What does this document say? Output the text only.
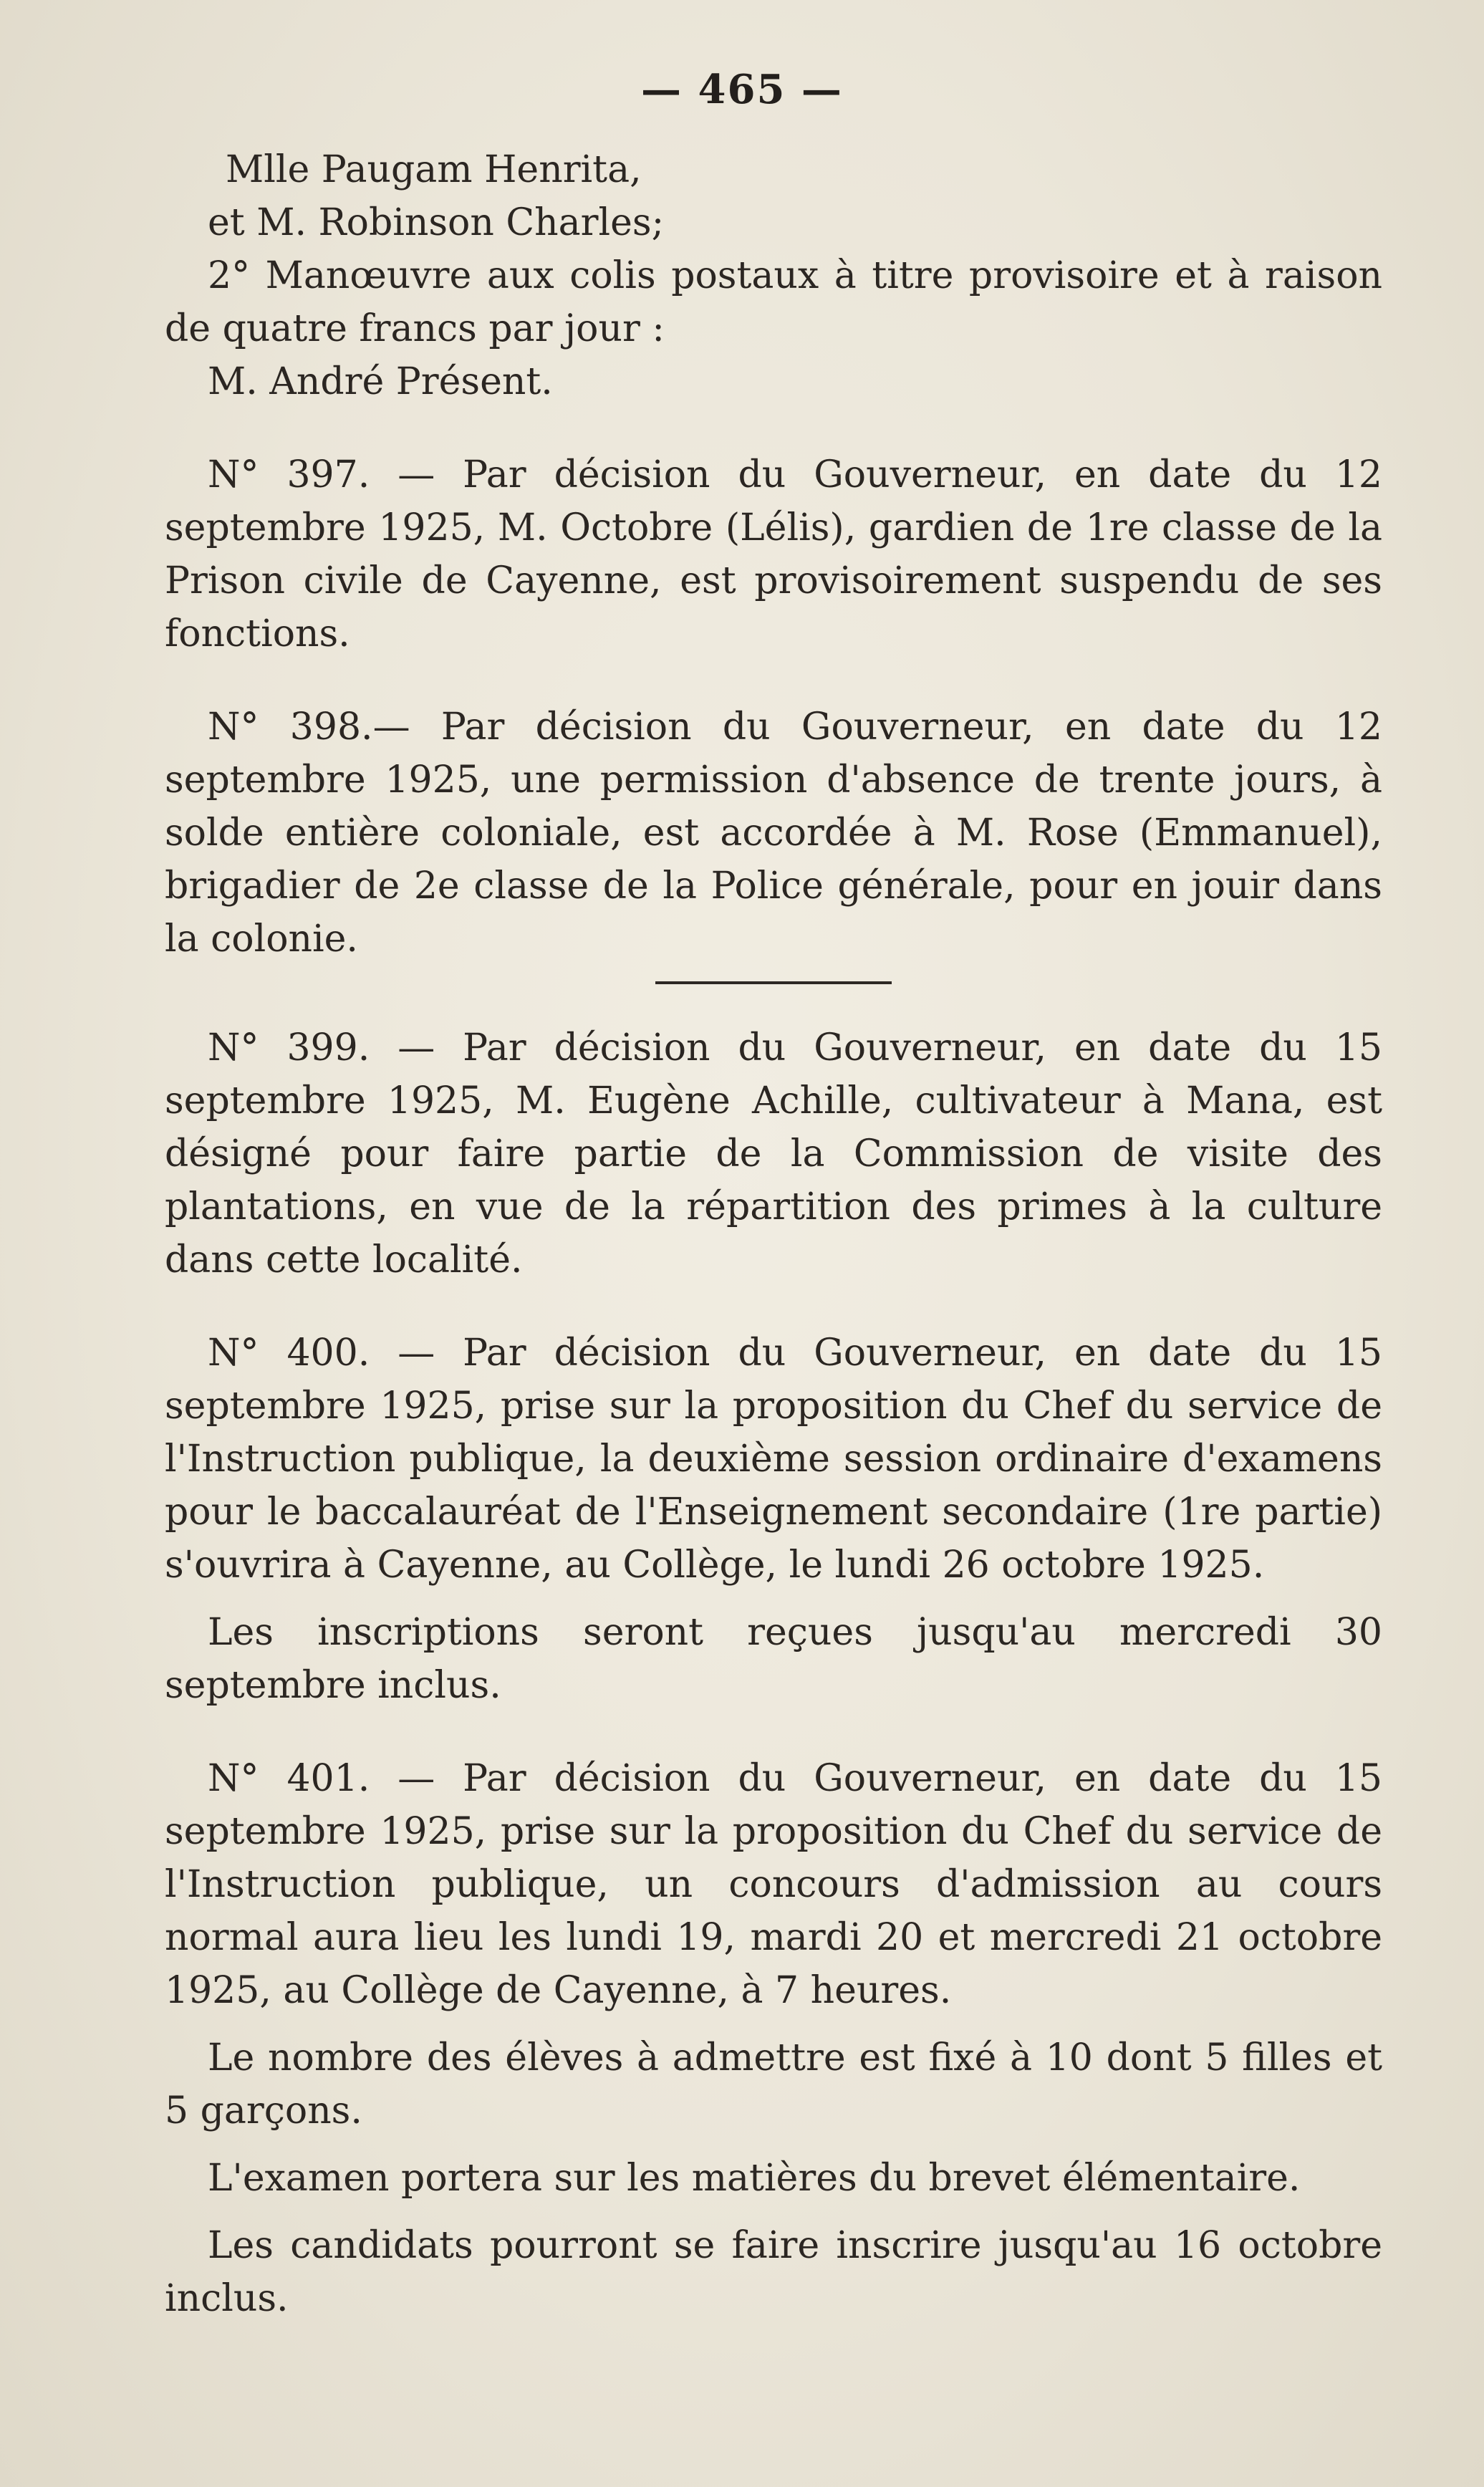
— 465 —

Mlle Paugam Henrita,

et M. Robinson Charles;

2° Manœuvre aux colis postaux à titre provisoire et à raison de quatre francs par jour :

M. André Présent.

N° 397. — Par décision du Gouverneur, en date du 12 septembre 1925, M. Octobre (Lélis), gardien de 1re classe de la Prison civile de Cayenne, est provisoirement suspendu de ses fonctions.

N° 398.— Par décision du Gouverneur, en date du 12 septembre 1925, une permission d'absence de trente jours, à solde entière coloniale, est accordée à M. Rose (Emmanuel), brigadier de 2e classe de la Police générale, pour en jouir dans la colonie.

N° 399. — Par décision du Gouverneur, en date du 15 septembre 1925, M. Eugène Achille, cultivateur à Mana, est désigné pour faire partie de la Commission de visite des plantations, en vue de la répartition des primes à la culture dans cette localité.

N° 400. — Par décision du Gouverneur, en date du 15 septembre 1925, prise sur la proposition du Chef du service de l'Instruction publique, la deuxième session ordinaire d'examens pour le baccalauréat de l'Enseignement secondaire (1re partie) s'ouvrira à Cayenne, au Collège, le lundi 26 octobre 1925.

Les inscriptions seront reçues jusqu'au mercredi 30 septembre inclus.

N° 401. — Par décision du Gouverneur, en date du 15 septembre 1925, prise sur la proposition du Chef du service de l'Instruction publique, un concours d'admission au cours normal aura lieu les lundi 19, mardi 20 et mercredi 21 octobre 1925, au Collège de Cayenne, à 7 heures.

Le nombre des élèves à admettre est fixé à 10 dont 5 filles et 5 garçons.

L'examen portera sur les matières du brevet élémentaire.

Les candidats pourront se faire inscrire jusqu'au 16 octobre inclus.
